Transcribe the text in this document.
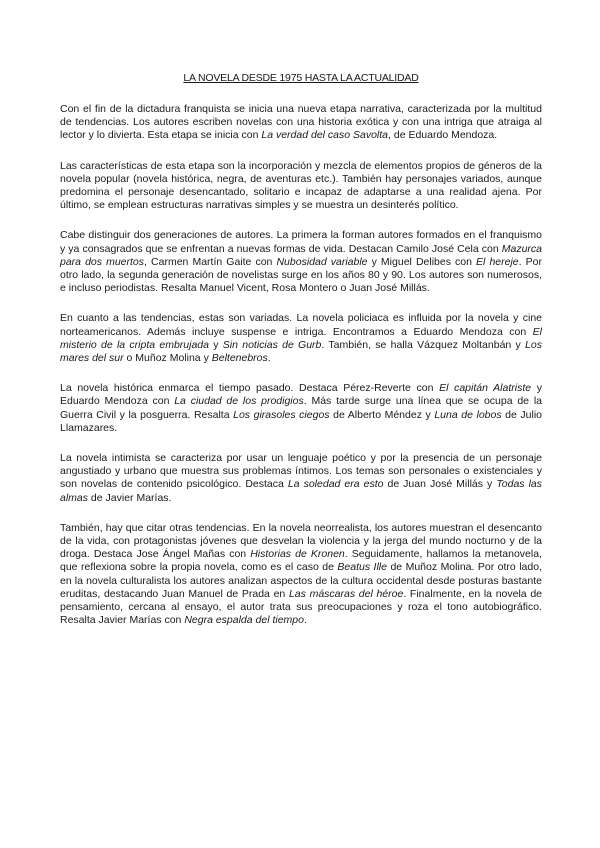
LA NOVELA DESDE 1975 HASTA LA ACTUALIDAD

Con el fin de la dictadura franquista se inicia una nueva etapa narrativa, caracterizada por la multitud de tendencias. Los autores escriben novelas con una historia exótica y con una intriga que atraiga al lector y lo divierta. Esta etapa se inicia con La verdad del caso Savolta, de Eduardo Mendoza.

Las características de esta etapa son la incorporación y mezcla de elementos propios de géneros de la novela popular (novela histórica, negra, de aventuras etc.). También hay personajes variados, aunque predomina el personaje desencantado, solitario e incapaz de adaptarse a una realidad ajena. Por último, se emplean estructuras narrativas simples y se muestra un desinterés político.

Cabe distinguir dos generaciones de autores. La primera la forman autores formados en el franquismo y ya consagrados que se enfrentan a nuevas formas de vida. Destacan Camilo José Cela con Mazurca para dos muertos, Carmen Martín Gaite con Nubosidad variable y Miguel Delibes con El hereje. Por otro lado, la segunda generación de novelistas surge en los años 80 y 90. Los autores son numerosos, e incluso periodistas. Resalta Manuel Vicent, Rosa Montero o Juan José Millás.

En cuanto a las tendencias, estas son variadas. La novela policiaca es influida por la novela y cine norteamericanos. Además incluye suspense e intriga. Encontramos a Eduardo Mendoza con El misterio de la cripta embrujada y Sin noticias de Gurb. También, se halla Vázquez Moltanbán y Los mares del sur o Muñoz Molina y Beltenebros.

La novela histórica enmarca el tiempo pasado. Destaca Pérez-Reverte con El capitán Alatriste y Eduardo Mendoza con La ciudad de los prodigios. Más tarde surge una línea que se ocupa de la Guerra Civil y la posguerra. Resalta Los girasoles ciegos de Alberto Méndez y Luna de lobos de Julio Llamazares.

La novela intimista se caracteriza por usar un lenguaje poético y por la presencia de un personaje angustiado y urbano que muestra sus problemas íntimos. Los temas son personales o existenciales y son novelas de contenido psicológico. Destaca La soledad era esto de Juan José Millás y Todas las almas de Javier Marías.

También, hay que citar otras tendencias. En la novela neorrealista, los autores muestran el desencanto de la vida, con protagonistas jóvenes que desvelan la violencia y la jerga del mundo nocturno y de la droga. Destaca Jose Ángel Mañas con Historias de Kronen. Seguidamente, hallamos la metanovela, que reflexiona sobre la propia novela, como es el caso de Beatus Ille de Muñoz Molina. Por otro lado, en la novela culturalista los autores analizan aspectos de la cultura occidental desde posturas bastante eruditas, destacando Juan Manuel de Prada en Las máscaras del héroe. Finalmente, en la novela de pensamiento, cercana al ensayo, el autor trata sus preocupaciones y roza el tono autobiográfico. Resalta Javier Marías con Negra espalda del tiempo.
